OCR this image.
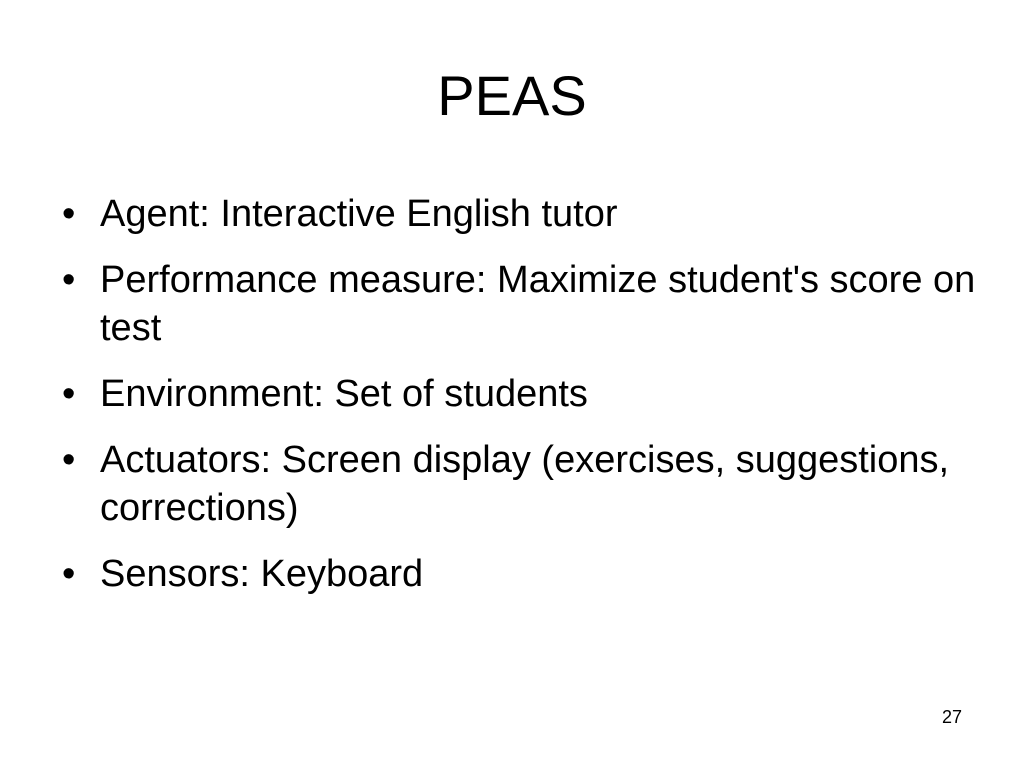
PEAS
• Agent: Interactive English tutor
• Performance measure: Maximize student's score on test
• Environment: Set of students
• Actuators: Screen display (exercises, suggestions, corrections)
• Sensors: Keyboard
27
